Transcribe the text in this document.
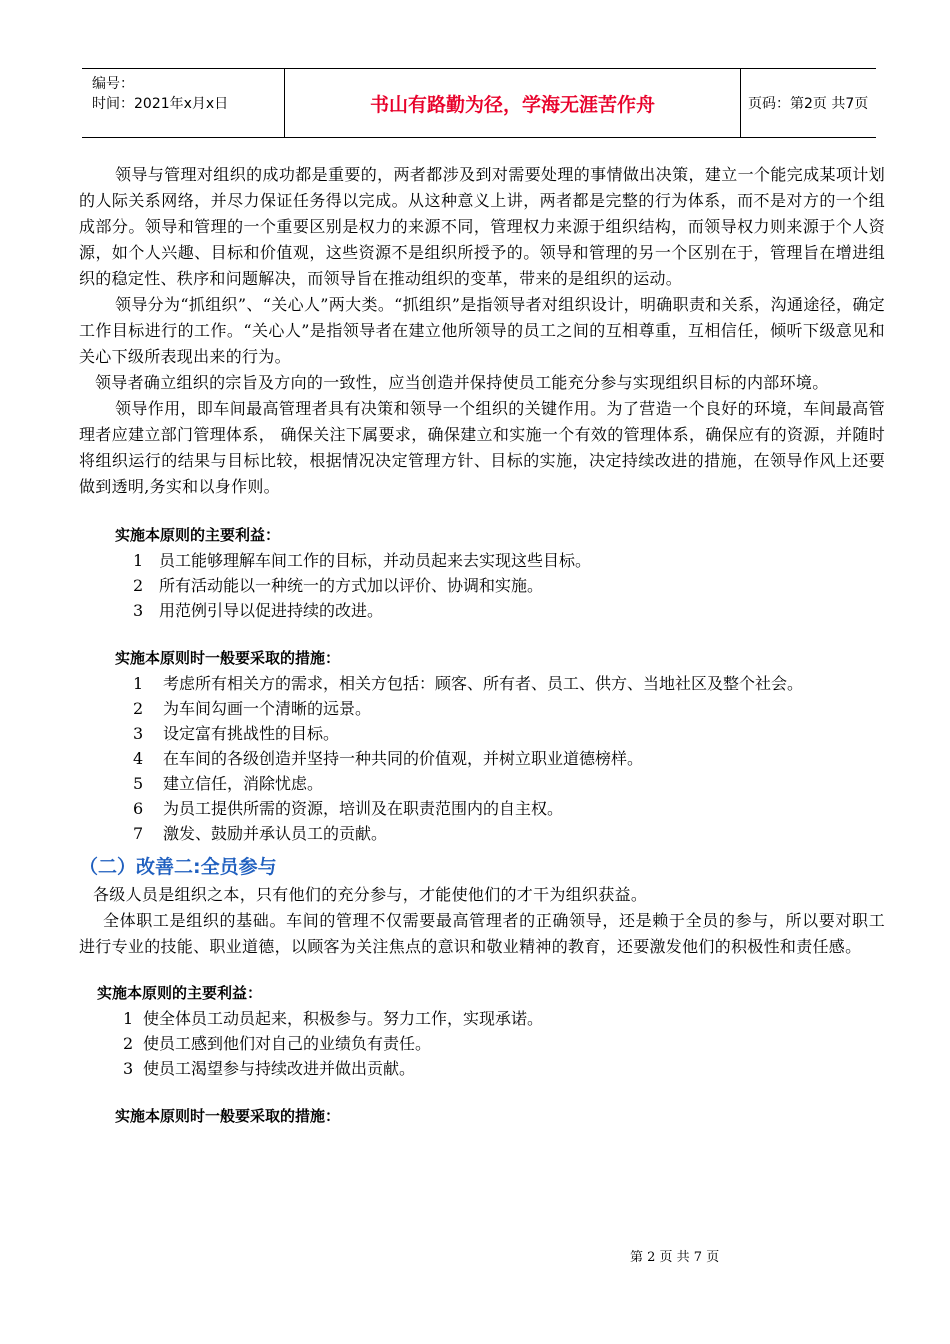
编号：
时间：2021年x月x日	书山有路勤为径，学海无涯苦作舟	页码：第2页 共7页

领导与管理对组织的成功都是重要的，两者都涉及到对需要处理的事情做出决策，建立一个能完成某项计划的人际关系网络，并尽力保证任务得以完成。从这种意义上讲，两者都是完整的行为体系，而不是对方的一个组成部分。领导和管理的一个重要区别是权力的来源不同，管理权力来源于组织结构，而领导权力则来源于个人资源，如个人兴趣、目标和价值观，这些资源不是组织所授予的。领导和管理的另一个区别在于，管理旨在增进组织的稳定性、秩序和问题解决，而领导旨在推动组织的变革，带来的是组织的运动。

领导分为“抓组织”、“关心人”两大类。“抓组织”是指领导者对组织设计，明确职责和关系，沟通途径，确定工作目标进行的工作。“关心人”是指领导者在建立他所领导的员工之间的互相尊重，互相信任，倾听下级意见和关心下级所表现出来的行为。

领导者确立组织的宗旨及方向的一致性，应当创造并保持使员工能充分参与实现组织目标的内部环境。

领导作用，即车间最高管理者具有决策和领导一个组织的关键作用。为了营造一个良好的环境，车间最高管理者应建立部门管理体系， 确保关注下属要求，确保建立和实施一个有效的管理体系，确保应有的资源，并随时将组织运行的结果与目标比较，根据情况决定管理方针、目标的实施，决定持续改进的措施，在领导作风上还要做到透明,务实和以身作则。

实施本原则的主要利益：

1 员工能够理解车间工作的目标，并动员起来去实现这些目标。

2 所有活动能以一种统一的方式加以评价、协调和实施。

3 用范例引导以促进持续的改进。

实施本原则时一般要采取的措施：

1 考虑所有相关方的需求，相关方包括：顾客、所有者、员工、供方、当地社区及整个社会。

2 为车间勾画一个清晰的远景。

3 设定富有挑战性的目标。

4 在车间的各级创造并坚持一种共同的价值观，并树立职业道德榜样。

5 建立信任，消除忧虑。

6 为员工提供所需的资源，培训及在职责范围内的自主权。

7 激发、鼓励并承认员工的贡献。

（二）改善二:全员参与

各级人员是组织之本，只有他们的充分参与，才能使他们的才干为组织获益。

全体职工是组织的基础。车间的管理不仅需要最高管理者的正确领导，还是赖于全员的参与，所以要对职工进行专业的技能、职业道德，以顾客为关注焦点的意识和敬业精神的教育，还要激发他们的积极性和责任感。

实施本原则的主要利益：

1 使全体员工动员起来，积极参与。努力工作，实现承诺。

2 使员工感到他们对自己的业绩负有责任。

3 使员工渴望参与持续改进并做出贡献。

实施本原则时一般要采取的措施：

第 2 页 共 7 页
